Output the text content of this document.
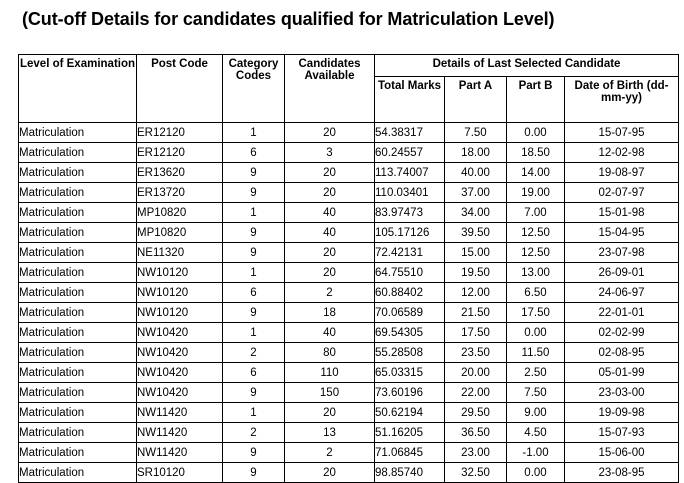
(Cut-off Details for candidates qualified for Matriculation Level)
Level of Examination	Post Code	Category Codes	Candidates Available	Details of Last Selected Candidate			
				Total Marks	Part A	Part B	Date of Birth (dd-mm-yy)
Matriculation	ER12120	1	20	54.38317	7.50	0.00	15-07-95
Matriculation	ER12120	6	3	60.24557	18.00	18.50	12-02-98
Matriculation	ER13620	9	20	113.74007	40.00	14.00	19-08-97
Matriculation	ER13720	9	20	110.03401	37.00	19.00	02-07-97
Matriculation	MP10820	1	40	83.97473	34.00	7.00	15-01-98
Matriculation	MP10820	9	40	105.17126	39.50	12.50	15-04-95
Matriculation	NE11320	9	20	72.42131	15.00	12.50	23-07-98
Matriculation	NW10120	1	20	64.75510	19.50	13.00	26-09-01
Matriculation	NW10120	6	2	60.88402	12.00	6.50	24-06-97
Matriculation	NW10120	9	18	70.06589	21.50	17.50	22-01-01
Matriculation	NW10420	1	40	69.54305	17.50	0.00	02-02-99
Matriculation	NW10420	2	80	55.28508	23.50	11.50	02-08-95
Matriculation	NW10420	6	110	65.03315	20.00	2.50	05-01-99
Matriculation	NW10420	9	150	73.60196	22.00	7.50	23-03-00
Matriculation	NW11420	1	20	50.62194	29.50	9.00	19-09-98
Matriculation	NW11420	2	13	51.16205	36.50	4.50	15-07-93
Matriculation	NW11420	9	2	71.06845	23.00	-1.00	15-06-00
Matriculation	SR10120	9	20	98.85740	32.50	0.00	23-08-95
